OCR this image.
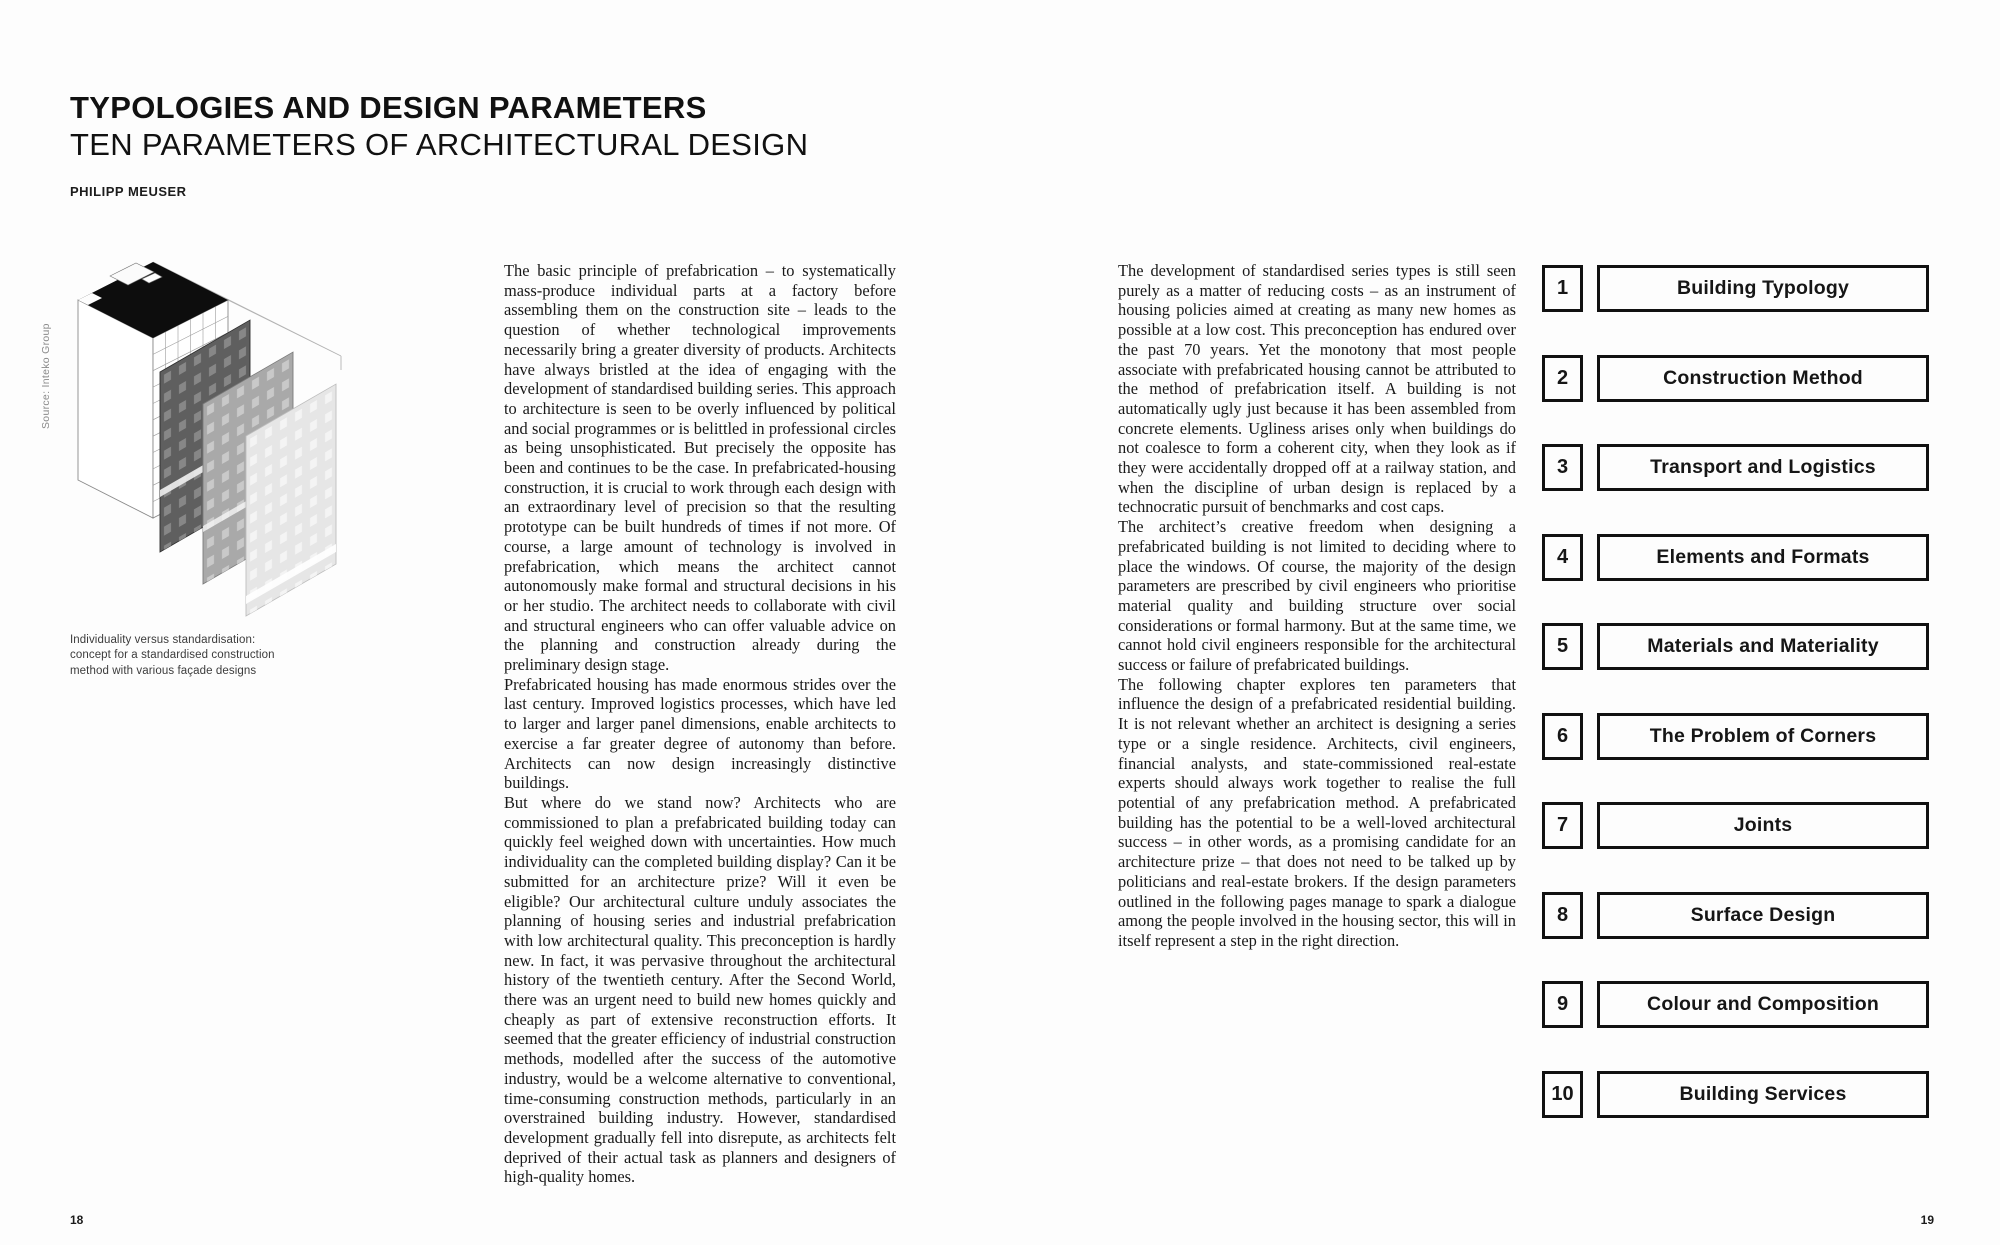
TYPOLOGIES AND DESIGN PARAMETERS
TEN PARAMETERS OF ARCHITECTURAL DESIGN
PHILIPP MEUSER
Source: Inteko Group
Individuality versus standardisation:
concept for a standardised construction
method with various façade designs

The basic principle of prefabrication – to systematically mass-produce individual parts at a factory before assembling them on the construction site – leads to the question of whether technological improvements necessarily bring a greater diversity of products. Architects have always bristled at the idea of engaging with the development of standardised building series. This approach to architecture is seen to be overly influenced by political and social programmes or is belittled in professional circles as being unsophisticated. But precisely the opposite has been and continues to be the case. In prefabricated-housing construction, it is crucial to work through each design with an extraordinary level of precision so that the resulting prototype can be built hundreds of times if not more. Of course, a large amount of technology is involved in prefabrication, which means the architect cannot autonomously make formal and structural decisions in his or her studio. The architect needs to collaborate with civil and structural engineers who can offer valuable advice on the planning and construction already during the preliminary design stage.

Prefabricated housing has made enormous strides over the last century. Improved logistics processes, which have led to larger and larger panel dimensions, enable architects to exercise a far greater degree of autonomy than before. Architects can now design increasingly distinctive buildings.

But where do we stand now? Architects who are commissioned to plan a prefabricated building today can quickly feel weighed down with uncertainties. How much individuality can the completed building display? Can it be submitted for an architecture prize? Will it even be eligible? Our architectural culture unduly associates the planning of housing series and industrial prefabrication with low architectural quality. This preconception is hardly new. In fact, it was pervasive throughout the architectural history of the twentieth century. After the Second World, there was an urgent need to build new homes quickly and cheaply as part of extensive reconstruction efforts. It seemed that the greater efficiency of industrial construction methods, modelled after the success of the automotive industry, would be a welcome alternative to conventional, time-consuming construction methods, particularly in an overstrained building industry. However, standardised development gradually fell into disrepute, as architects felt deprived of their actual task as planners and designers of high-quality homes.

The development of standardised series types is still seen purely as a matter of reducing costs – as an instrument of housing policies aimed at creating as many new homes as possible at a low cost. This preconception has endured over the past 70 years. Yet the monotony that most people associate with prefabricated housing cannot be attributed to the method of prefabrication itself. A building is not automatically ugly just because it has been assembled from concrete elements. Ugliness arises only when buildings do not coalesce to form a coherent city, when they look as if they were accidentally dropped off at a railway station, and when the discipline of urban design is replaced by a technocratic pursuit of benchmarks and cost caps.

The architect’s creative freedom when designing a prefabricated building is not limited to deciding where to place the windows. Of course, the majority of the design parameters are prescribed by civil engineers who prioritise material quality and building structure over social considerations or formal harmony. But at the same time, we cannot hold civil engineers responsible for the architectural success or failure of prefabricated buildings.

The following chapter explores ten parameters that influence the design of a prefabricated residential building. It is not relevant whether an architect is designing a series type or a single residence. Architects, civil engineers, financial analysts, and state-commissioned real-estate experts should always work together to realise the full potential of any prefabrication method. A prefabricated building has the potential to be a well-loved architectural success – in other words, as a promising candidate for an architecture prize – that does not need to be talked up by politicians and real-estate brokers. If the design parameters outlined in the following pages manage to spark a dialogue among the people involved in the housing sector, this will in itself represent a step in the right direction.

1	Building Typology
2	Construction Method
3	Transport and Logistics
4	Elements and Formats
5	Materials and Materiality
6	The Problem of Corners
7	Joints
8	Surface Design
9	Colour and Composition
10	Building Services
18	19
